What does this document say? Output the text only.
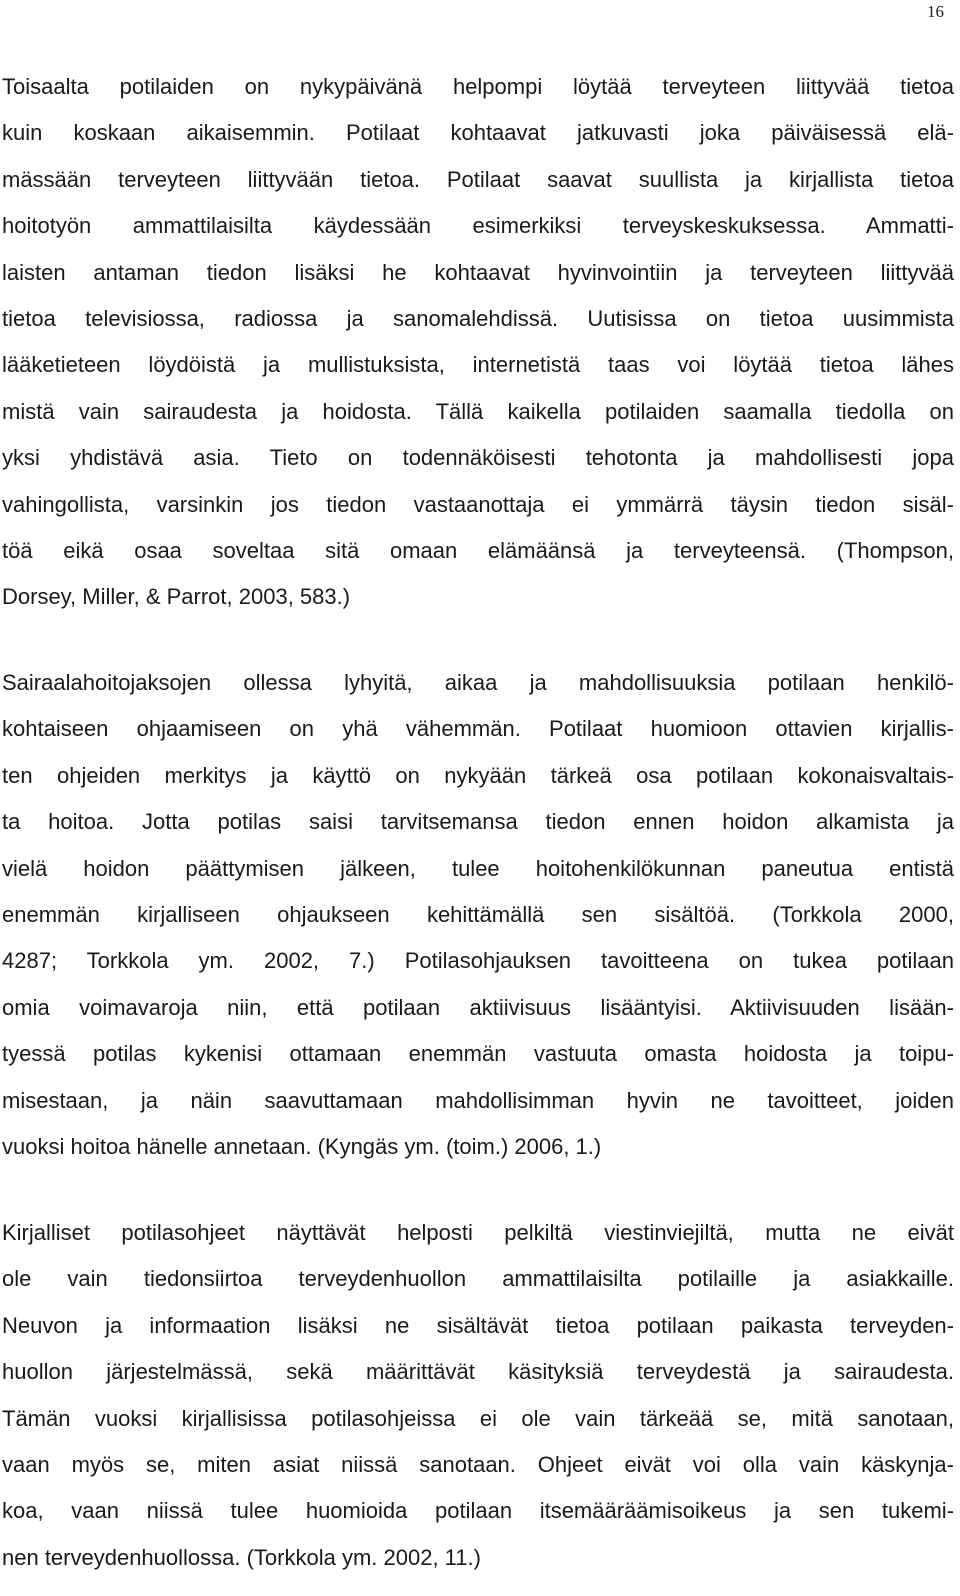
16
Toisaalta potilaiden on nykypäivänä helpompi löytää terveyteen liittyvää tietoa
kuin koskaan aikaisemmin. Potilaat kohtaavat jatkuvasti joka päiväisessä elä-
mässään terveyteen liittyvään tietoa. Potilaat saavat suullista ja kirjallista tietoa
hoitotyön ammattilaisilta käydessään esimerkiksi terveyskeskuksessa. Ammatti-
laisten antaman tiedon lisäksi he kohtaavat hyvinvointiin ja terveyteen liittyvää
tietoa televisiossa, radiossa ja sanomalehdissä. Uutisissa on tietoa uusimmista
lääketieteen löydöistä ja mullistuksista, internetistä taas voi löytää tietoa lähes
mistä vain sairaudesta ja hoidosta. Tällä kaikella potilaiden saamalla tiedolla on
yksi yhdistävä asia. Tieto on todennäköisesti tehotonta ja mahdollisesti jopa
vahingollista, varsinkin jos tiedon vastaanottaja ei ymmärrä täysin tiedon sisäl-
töä eikä osaa soveltaa sitä omaan elämäänsä ja terveyteensä. (Thompson,
Dorsey, Miller, & Parrot, 2003, 583.)
Sairaalahoitojaksojen ollessa lyhyitä, aikaa ja mahdollisuuksia potilaan henkilö-
kohtaiseen ohjaamiseen on yhä vähemmän. Potilaat huomioon ottavien kirjallis-
ten ohjeiden merkitys ja käyttö on nykyään tärkeä osa potilaan kokonaisvaltais-
ta hoitoa. Jotta potilas saisi tarvitsemansa tiedon ennen hoidon alkamista ja
vielä hoidon päättymisen jälkeen, tulee hoitohenkilökunnan paneutua entistä
enemmän kirjalliseen ohjaukseen kehittämällä sen sisältöä. (Torkkola 2000,
4287; Torkkola ym. 2002, 7.) Potilasohjauksen tavoitteena on tukea potilaan
omia voimavaroja niin, että potilaan aktiivisuus lisääntyisi. Aktiivisuuden lisään-
tyessä potilas kykenisi ottamaan enemmän vastuuta omasta hoidosta ja toipu-
misestaan, ja näin saavuttamaan mahdollisimman hyvin ne tavoitteet, joiden
vuoksi hoitoa hänelle annetaan. (Kyngäs ym. (toim.) 2006, 1.)
Kirjalliset potilasohjeet näyttävät helposti pelkiltä viestinviejiltä, mutta ne eivät
ole vain tiedonsiirtoa terveydenhuollon ammattilaisilta potilaille ja asiakkaille.
Neuvon ja informaation lisäksi ne sisältävät tietoa potilaan paikasta terveyden-
huollon järjestelmässä, sekä määrittävät käsityksiä terveydestä ja sairaudesta.
Tämän vuoksi kirjallisissa potilasohjeissa ei ole vain tärkeää se, mitä sanotaan,
vaan myös se, miten asiat niissä sanotaan. Ohjeet eivät voi olla vain käskynja-
koa, vaan niissä tulee huomioida potilaan itsemääräämisoikeus ja sen tukemi-
nen terveydenhuollossa. (Torkkola ym. 2002, 11.)
